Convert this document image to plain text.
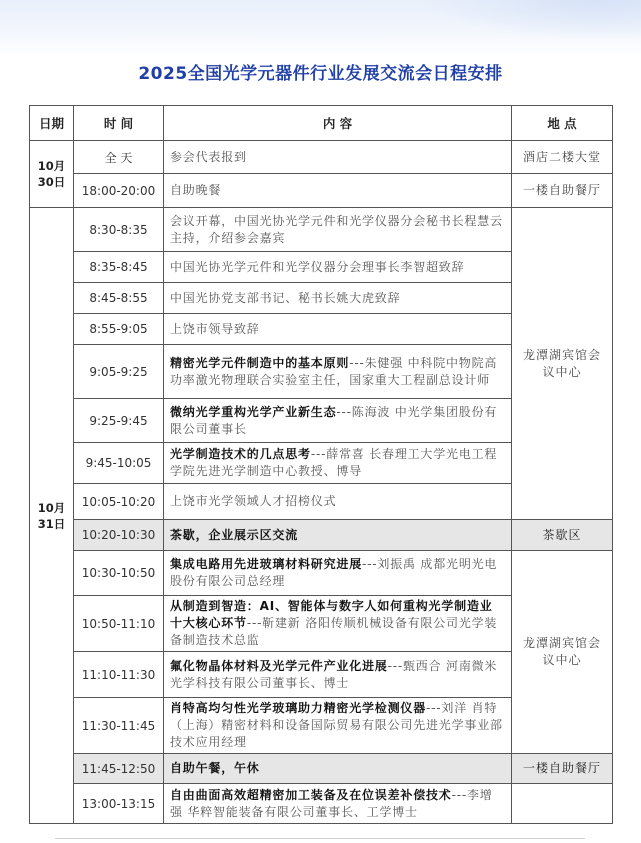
2025全国光学元器件行业发展交流会日程安排
日期	时 间	内 容	地 点
10月
30日	全 天	参会代表报到	酒店二楼大堂
	18:00-20:00	自助晚餐	一楼自助餐厅
10月
31日	8:30-8:35	会议开幕，中国光协光学元件和光学仪器分会秘书长程慧云主持，介绍参会嘉宾	龙潭湖宾馆会议中心
	8:35-8:45	中国光协光学元件和光学仪器分会理事长李智超致辞	
	8:45-8:55	中国光协党支部书记、秘书长姚大虎致辞	
	8:55-9:05	上饶市领导致辞	
	9:05-9:25	精密光学元件制造中的基本原则---朱健强 中科院中物院高功率激光物理联合实验室主任，国家重大工程副总设计师	
	9:25-9:45	微纳光学重构光学产业新生态---陈海波 中光学集团股份有限公司董事长	
	9:45-10:05	光学制造技术的几点思考---薛常喜 长春理工大学光电工程学院先进光学制造中心教授、博导	
	10:05-10:20	上饶市光学领域人才招榜仪式	
	10:20-10:30	茶歇，企业展示区交流	茶歇区
	10:30-10:50	集成电路用先进玻璃材料研究进展---刘振禹 成都光明光电股份有限公司总经理	龙潭湖宾馆会议中心
	10:50-11:10	从制造到智造：AI、智能体与数字人如何重构光学制造业十大核心环节---靳建新 洛阳传顺机械设备有限公司光学装备制造技术总监	
	11:10-11:30	氟化物晶体材料及光学元件产业化进展---甄西合 河南微米光学科技有限公司董事长、博士	
	11:30-11:45	肖特高均匀性光学玻璃助力精密光学检测仪器---刘洋 肖特（上海）精密材料和设备国际贸易有限公司先进光学事业部技术应用经理	
	11:45-12:50	自助午餐，午休	一楼自助餐厅
	13:00-13:15	自由曲面高效超精密加工装备及在位误差补偿技术---李增强 华粹智能装备有限公司董事长、工学博士	
